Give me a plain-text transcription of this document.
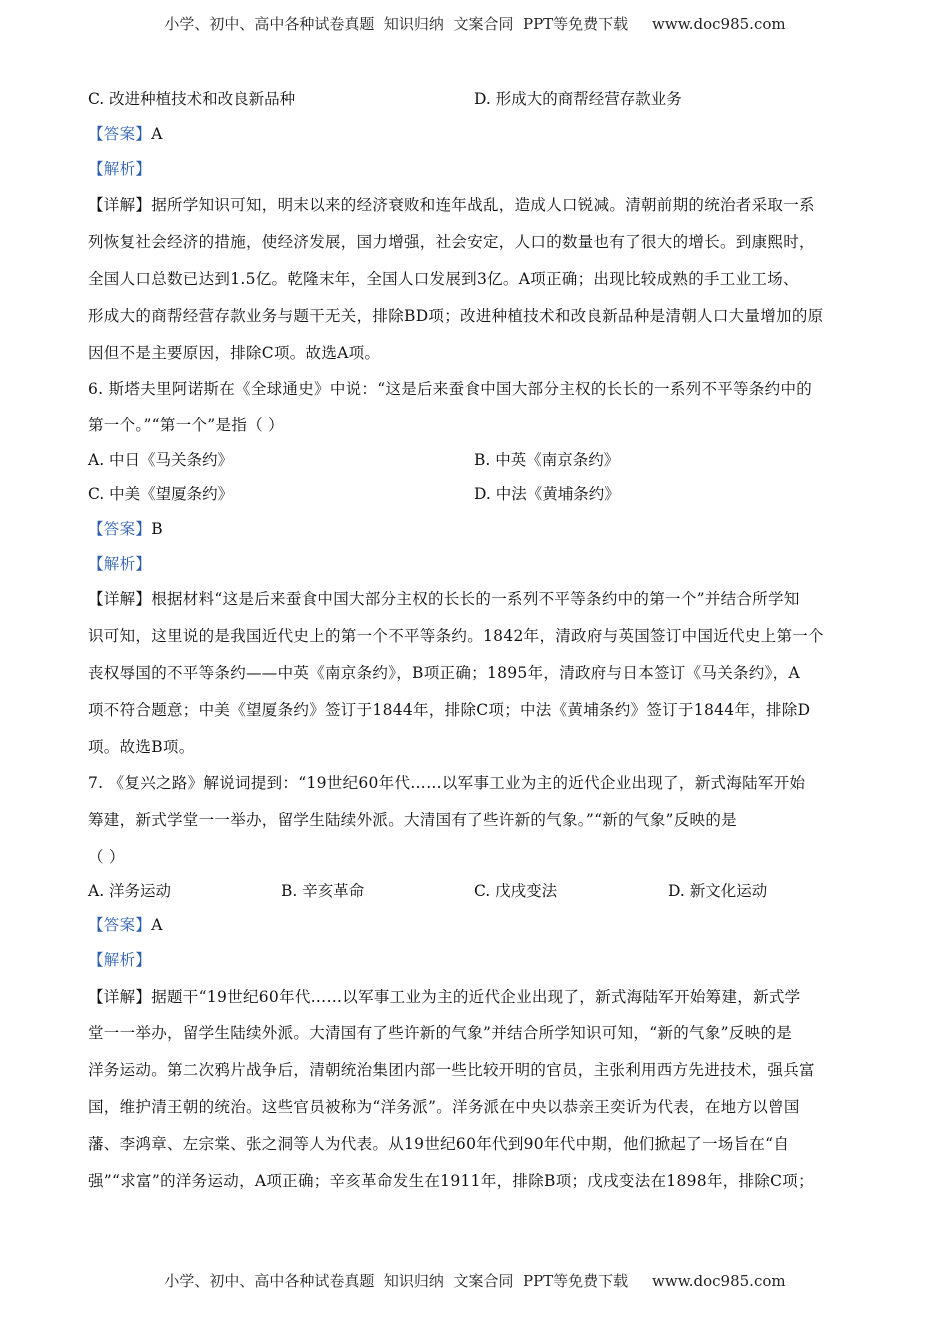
小学、初中、高中各种试卷真题  知识归纳  文案合同  PPT等免费下载     www.doc985.com
C. 改进种植技术和改良新品种	D. 形成大的商帮经营存款业务
【答案】A
【解析】
【详解】据所学知识可知，明末以来的经济衰败和连年战乱，造成人口锐减。清朝前期的统治者采取一系
列恢复社会经济的措施，使经济发展，国力增强，社会安定，人口的数量也有了很大的增长。到康熙时，
全国人口总数已达到1.5亿。乾隆末年，全国人口发展到3亿。A项正确；出现比较成熟的手工业工场、
形成大的商帮经营存款业务与题干无关，排除BD项；改进种植技术和改良新品种是清朝人口大量增加的原
因但不是主要原因，排除C项。故选A项。
6. 斯塔夫里阿诺斯在《全球通史》中说：“这是后来蚕食中国大部分主权的长长的一系列不平等条约中的
第一个。”“第一个”是指（ ）
A. 中日《马关条约》	B. 中英《南京条约》
C. 中美《望厦条约》	D. 中法《黄埔条约》
【答案】B
【解析】
【详解】根据材料“这是后来蚕食中国大部分主权的长长的一系列不平等条约中的第一个”并结合所学知
识可知，这里说的是我国近代史上的第一个不平等条约。1842年，清政府与英国签订中国近代史上第一个
丧权辱国的不平等条约——中英《南京条约》，B项正确；1895年，清政府与日本签订《马关条约》，A
项不符合题意；中美《望厦条约》签订于1844年，排除C项；中法《黄埔条约》签订于1844年，排除D
项。故选B项。
7. 《复兴之路》解说词提到：“19世纪60年代……以军事工业为主的近代企业出现了，新式海陆军开始
筹建，新式学堂一一举办，留学生陆续外派。大清国有了些许新的气象。”“新的气象”反映的是
（ ）
A. 洋务运动	B. 辛亥革命	C. 戊戌变法	D. 新文化运动
【答案】A
【解析】
【详解】据题干“19世纪60年代……以军事工业为主的近代企业出现了，新式海陆军开始筹建，新式学
堂一一举办，留学生陆续外派。大清国有了些许新的气象”并结合所学知识可知，“新的气象”反映的是
洋务运动。第二次鸦片战争后，清朝统治集团内部一些比较开明的官员，主张利用西方先进技术，强兵富
国，维护清王朝的统治。这些官员被称为“洋务派”。洋务派在中央以恭亲王奕䜣为代表，在地方以曾国
藩、李鸿章、左宗棠、张之洞等人为代表。从19世纪60年代到90年代中期，他们掀起了一场旨在“自
强”“求富”的洋务运动，A项正确；辛亥革命发生在1911年，排除B项；戊戌变法在1898年，排除C项；
小学、初中、高中各种试卷真题  知识归纳  文案合同  PPT等免费下载     www.doc985.com
